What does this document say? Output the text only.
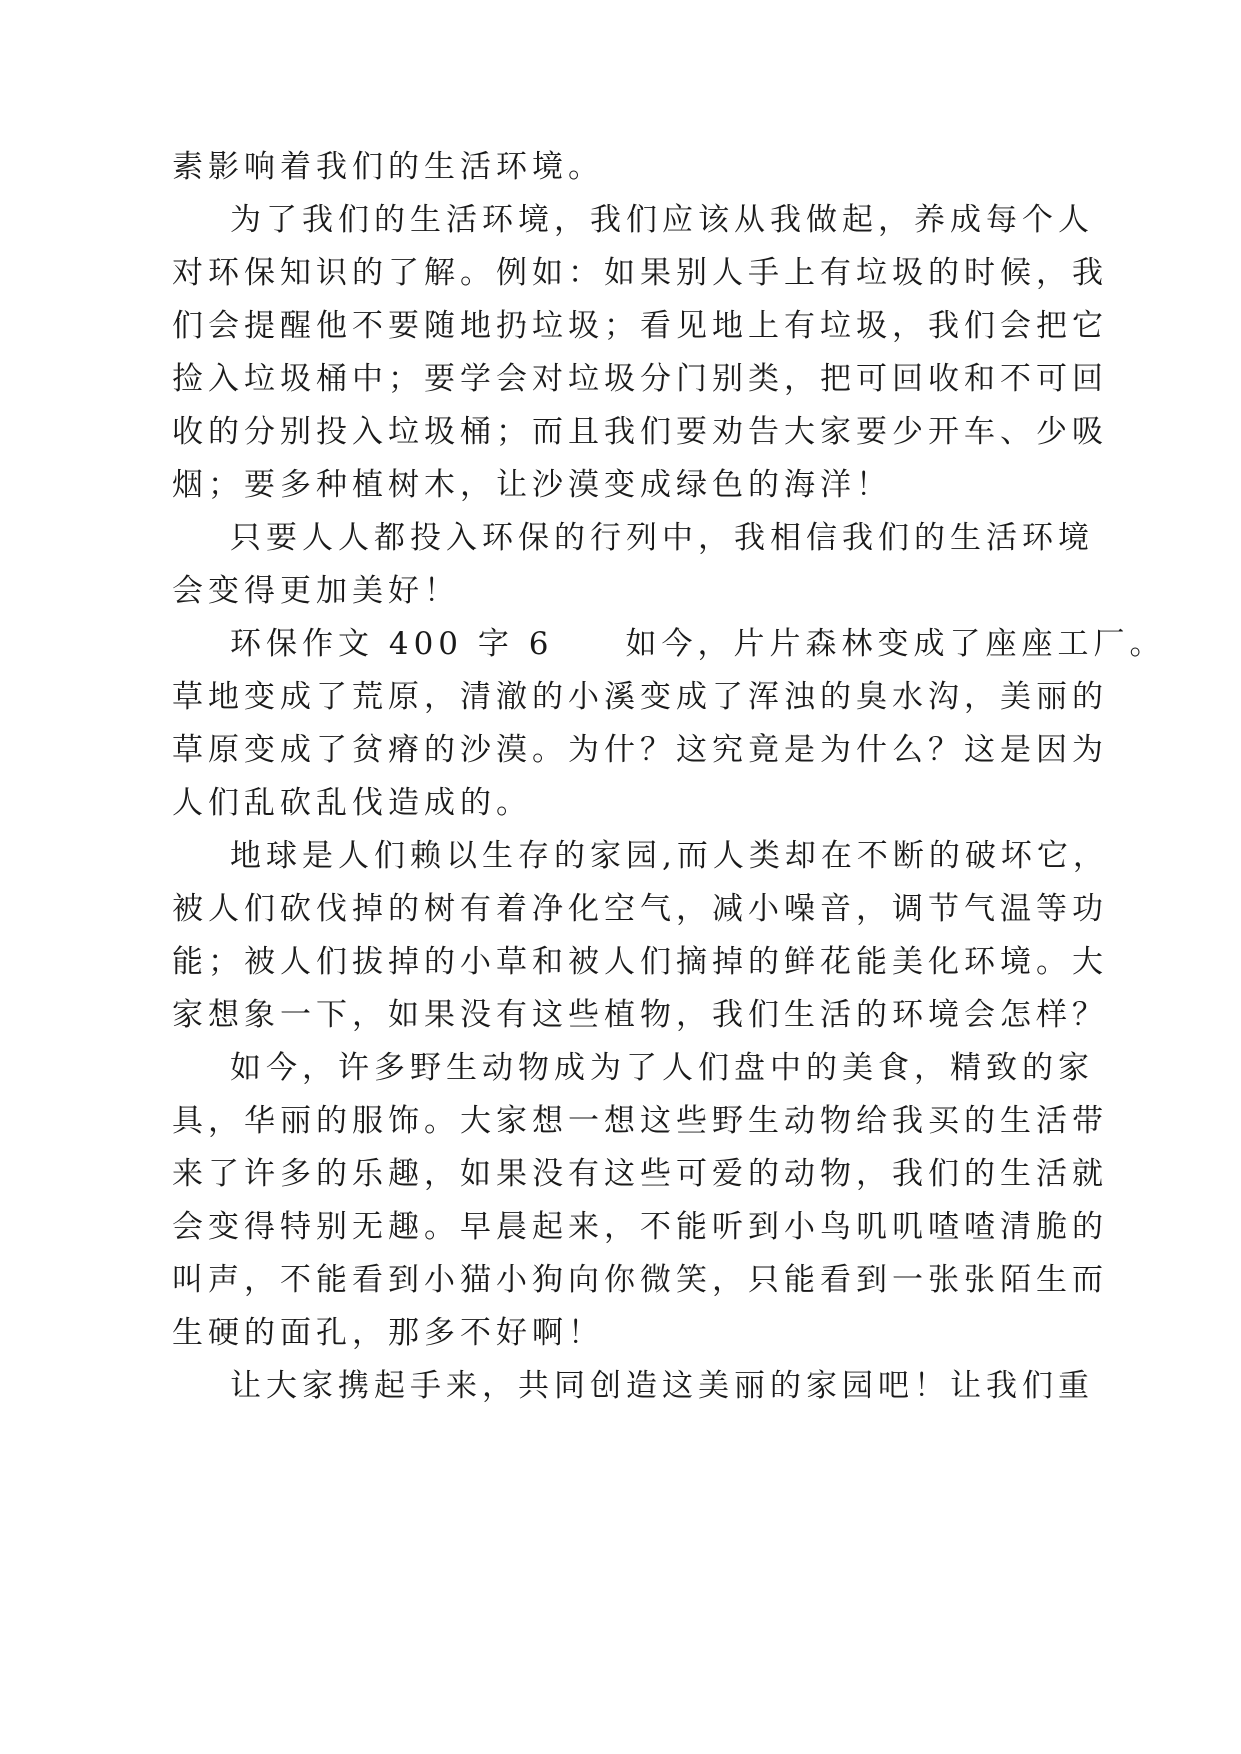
素影响着我们的生活环境。
为了我们的生活环境，我们应该从我做起，养成每个人
对环保知识的了解。例如：如果别人手上有垃圾的时候，我
们会提醒他不要随地扔垃圾；看见地上有垃圾，我们会把它
捡入垃圾桶中；要学会对垃圾分门别类，把可回收和不可回
收的分别投入垃圾桶；而且我们要劝告大家要少开车、少吸
烟；要多种植树木，让沙漠变成绿色的海洋！
只要人人都投入环保的行列中，我相信我们的生活环境
会变得更加美好！
环保作文 400 字 6　　如今，片片森林变成了座座工厂。
草地变成了荒原，清澈的小溪变成了浑浊的臭水沟，美丽的
草原变成了贫瘠的沙漠。为什？这究竟是为什么？这是因为
人们乱砍乱伐造成的。
地球是人们赖以生存的家园,而人类却在不断的破坏它，
被人们砍伐掉的树有着净化空气，减小噪音，调节气温等功
能；被人们拔掉的小草和被人们摘掉的鲜花能美化环境。大
家想象一下，如果没有这些植物，我们生活的环境会怎样？
如今，许多野生动物成为了人们盘中的美食，精致的家
具，华丽的服饰。大家想一想这些野生动物给我买的生活带
来了许多的乐趣，如果没有这些可爱的动物，我们的生活就
会变得特别无趣。早晨起来，不能听到小鸟叽叽喳喳清脆的
叫声，不能看到小猫小狗向你微笑，只能看到一张张陌生而
生硬的面孔，那多不好啊！
让大家携起手来，共同创造这美丽的家园吧！让我们重
